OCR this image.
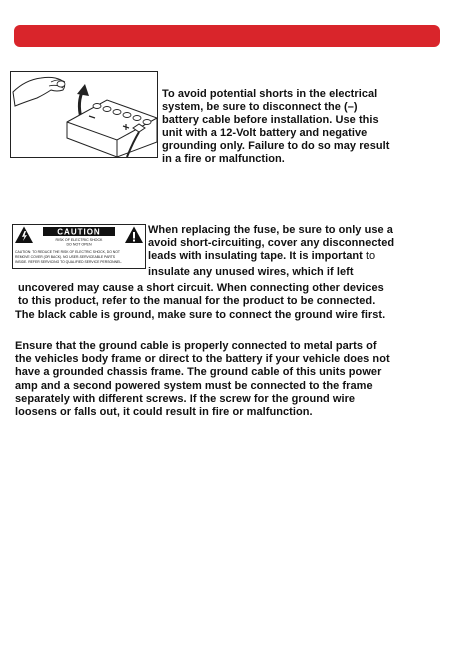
To avoid potential shorts in the electrical
system, be sure to disconnect the (–)
battery cable before installation. Use this
unit with a 12-Volt battery and negative
grounding only. Failure to do so may result
in a fire or malfunction.
CAUTION
RISK OF ELECTRIC SHOCK
DO NOT OPEN
CAUTION: TO REDUCE THE RISK OF ELECTRIC SHOCK, DO NOT
REMOVE COVER (OR BACK). NO USER-SERVICEABLE PARTS
INSIDE. REFER SERVICING TO QUALIFIED SERVICE PERSONNEL.
When replacing the fuse, be sure to only use a
avoid short-circuiting, cover any disconnected
leads with insulating tape. It is important to
insulate any unused wires, which if left
uncovered may cause a short circuit. When connecting other devices
to this product, refer to the manual for the product to be connected.
The black cable is ground, make sure to connect the ground wire first.
Ensure that the ground cable is properly connected to metal parts of
the vehicles body frame or direct to the battery if your vehicle does not
have a grounded chassis frame. The ground cable of this units power
amp and a second powered system must be connected to the frame
separately with different screws. If the screw for the ground wire
loosens or falls out, it could result in fire or malfunction.
